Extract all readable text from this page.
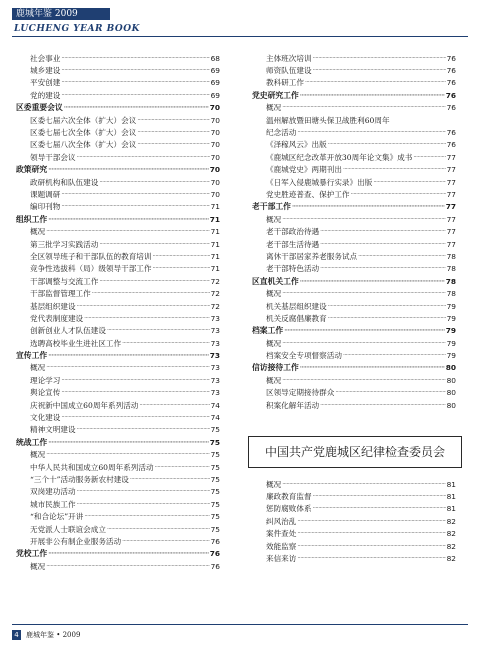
鹿城年鉴 2009
LUCHENG YEAR BOOK
社会事业 ·····	68
城乡建设 ·····	69
平安创建 ·····	69
党的建设 ·····	69
区委重要会议 ·····	70
区委七届六次全体（扩大）会议 ·····	70
区委七届七次全体（扩大）会议 ·····	70
区委七届八次全体（扩大）会议 ·····	70
领导干部会议 ·····	70
政策研究 ·····	70
政研机构和队伍建设 ·····	70
课题调研 ·····	70
编印刊物 ·····	71
组织工作 ·····	71
概况 ·····	71
第三批学习实践活动 ·····	71
全区领导班子和干部队伍的教育培训 ·····	71
竞争性选拔科（局）级领导干部工作 ·····	71
干部调整与交流工作 ·····	72
干部监督管理工作 ·····	72
基层组织建设 ·····	72
党代表制度建设 ·····	73
创新创业人才队伍建设 ·····	73
选聘高校毕业生进社区工作 ·····	73
宣传工作 ·····	73
概况 ·····	73
理论学习 ·····	73
舆论宣传 ·····	73
庆祝新中国成立60周年系列活动 ·····	74
文化建设 ·····	74
精神文明建设 ·····	75
统战工作 ·····	75
概况 ·····	75
中华人民共和国成立60周年系列活动 ·····	75
“三个十”活动服务新农村建设 ·····	75
双岗建功活动 ·····	75
城市民族工作 ·····	75
“和合论坛”开讲 ·····	75
无党派人士联谊会成立 ·····	75
开展非公有制企业服务活动 ·····	76
党校工作 ·····	76
概况 ·····	76
主体班次培训 ·····	76
师资队伍建设 ·····	76
教科研工作 ·····	76
党史研究工作 ·····	76
概况 ·····	76
温州解放暨田塘头保卫战胜利60周年
纪念活动 ·····	76
《泽稼风云》出版 ·····	76
《鹿城区纪念改革开放30周年论文集》成书 ·····	77
《鹿城党史》两期刊出 ·····	77
《日军入侵鹿城暴行实录》出版 ·····	77
党史胜迹普查、保护工作 ·····	77
老干部工作 ·····	77
概况 ·····	77
老干部政治待遇 ·····	77
老干部生活待遇 ·····	77
离休干部居家养老服务试点 ·····	78
老干部特色活动 ·····	78
区直机关工作 ·····	78
概况 ·····	78
机关基层组织建设 ·····	79
机关反腐倡廉教育 ·····	79
档案工作 ·····	79
概况 ·····	79
档案安全专项督察活动 ·····	79
信访接待工作 ·····	80
概况 ·····	80
区领导定期接待群众 ·····	80
积案化解年活动 ·····	80
中国共产党鹿城区纪律检查委员会
概况 ·····	81
廉政教育监督 ·····	81
惩防腐败体系 ·····	81
纠风治乱 ·····	82
案件查处 ·····	82
效能监察 ·····	82
来信来访 ·····	82
4	鹿城年鉴 • 2009
